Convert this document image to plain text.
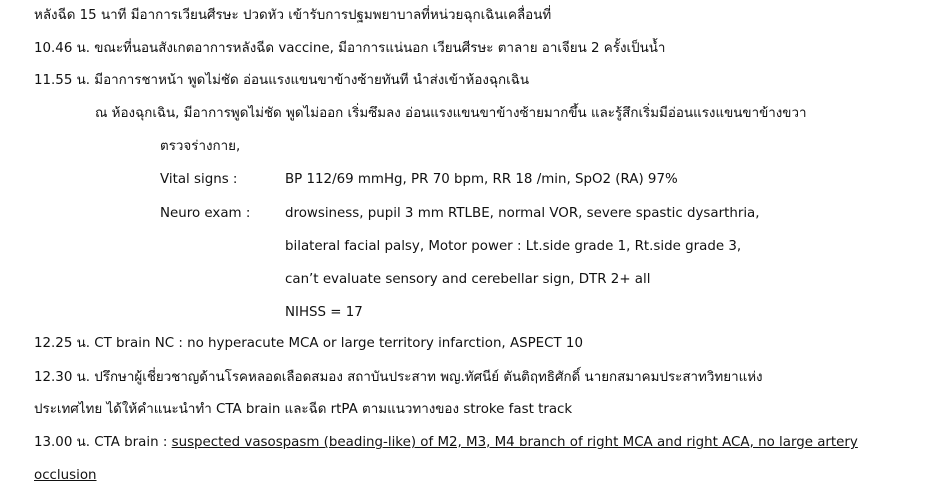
หลังฉีด 15 นาที มีอาการเวียนศีรษะ ปวดหัว เข้ารับการปฐมพยาบาลที่หน่วยฉุกเฉินเคลื่อนที่
10.46 น. ขณะที่นอนสังเกตอาการหลังฉีด vaccine, มีอาการแน่นอก เวียนศีรษะ ตาลาย อาเจียน 2 ครั้งเป็นน้ำ
11.55 น. มีอาการชาหน้า พูดไม่ชัด อ่อนแรงแขนขาข้างซ้ายทันที นำส่งเข้าห้องฉุกเฉิน
ณ ห้องฉุกเฉิน, มีอาการพูดไม่ชัด พูดไม่ออก เริ่มซึมลง อ่อนแรงแขนขาข้างซ้ายมากขึ้น และรู้สึกเริ่มมีอ่อนแรงแขนขาข้างขวา
ตรวจร่างกาย,
Vital signs :	BP 112/69 mmHg, PR 70 bpm, RR 18 /min, SpO2 (RA) 97%
Neuro exam :	drowsiness, pupil 3 mm RTLBE, normal VOR, severe spastic dysarthria,
bilateral facial palsy, Motor power : Lt.side grade 1, Rt.side grade 3,
can’t evaluate sensory and cerebellar sign, DTR 2+ all
NIHSS = 17
12.25 น. CT brain NC : no hyperacute MCA or large territory infarction, ASPECT 10
12.30 น. ปรึกษาผู้เชี่ยวชาญด้านโรคหลอดเลือดสมอง สถาบันประสาท พญ.ทัศนีย์ ตันติฤทธิศักดิ์ นายกสมาคมประสาทวิทยาแห่ง
ประเทศไทย ได้ให้คำแนะนำทำ CTA brain และฉีด rtPA ตามแนวทางของ stroke fast track
13.00 น. CTA brain : suspected vasospasm (beading-like) of M2, M3, M4 branch of right MCA and right ACA, no large artery
occlusion
